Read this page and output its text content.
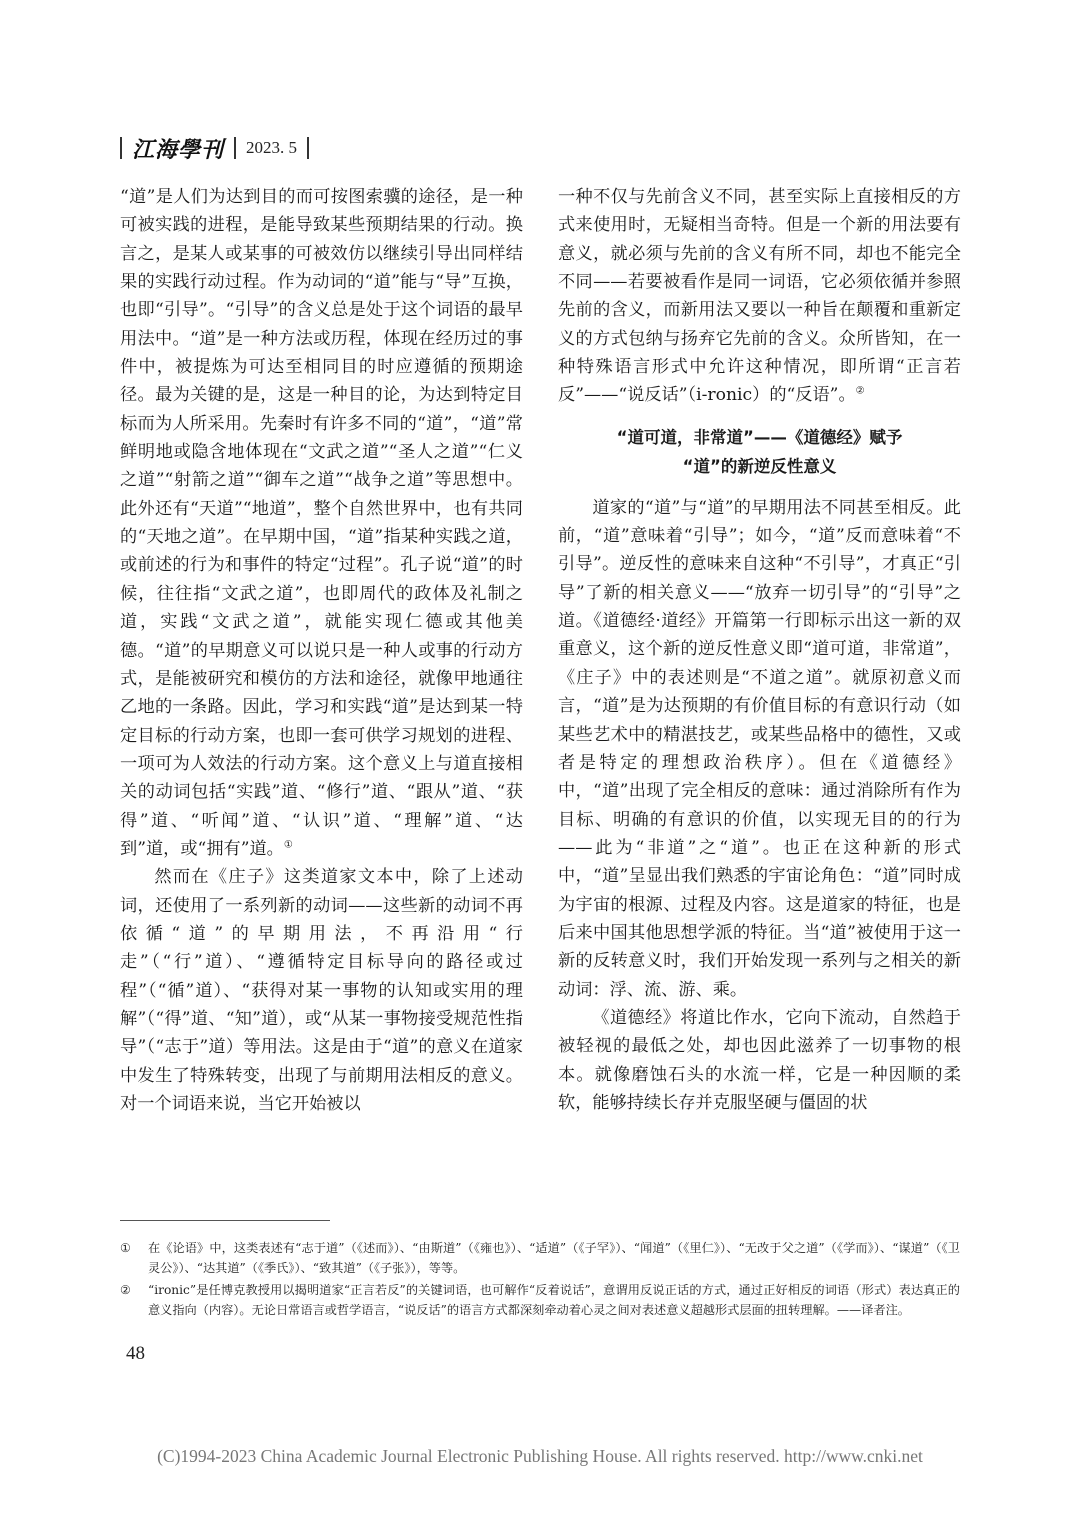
江海學刊 2023. 5

“道”是人们为达到目的而可按图索骥的途径，是一种可被实践的进程，是能导致某些预期结果的行动。换言之，是某人或某事的可被效仿以继续引导出同样结果的实践行动过程。作为动词的“道”能与“导”互换，也即“引导”。“引导”的含义总是处于这个词语的最早用法中。“道”是一种方法或历程，体现在经历过的事件中，被提炼为可达至相同目的时应遵循的预期途径。最为关键的是，这是一种目的论，为达到特定目标而为人所采用。先秦时有许多不同的“道”，“道”常鲜明地或隐含地体现在“文武之道”“圣人之道”“仁义之道”“射箭之道”“御车之道”“战争之道”等思想中。此外还有“天道”“地道”，整个自然世界中，也有共同的“天地之道”。在早期中国，“道”指某种实践之道，或前述的行为和事件的特定“过程”。孔子说“道”的时候，往往指“文武之道”，也即周代的政体及礼制之道，实践“文武之道”，就能实现仁德或其他美德。“道”的早期意义可以说只是一种人或事的行动方式，是能被研究和模仿的方法和途径，就像甲地通往乙地的一条路。因此，学习和实践“道”是达到某一特定目标的行动方案，也即一套可供学习规划的进程、一项可为人效法的行动方案。这个意义上与道直接相关的动词包括“实践”道、“修行”道、“跟从”道、“获得”道、“听闻”道、“认识”道、“理解”道、“达到”道，或“拥有”道。①

然而在《庄子》这类道家文本中，除了上述动词，还使用了一系列新的动词——这些新的动词不再依循“道”的早期用法，不再沿用“行走”（“行”道）、“遵循特定目标导向的路径或过程”（“循”道）、“获得对某一事物的认知或实用的理解”（“得”道、“知”道），或“从某一事物接受规范性指导”（“志于”道）等用法。这是由于“道”的意义在道家中发生了特殊转变，出现了与前期用法相反的意义。对一个词语来说，当它开始被以

一种不仅与先前含义不同，甚至实际上直接相反的方式来使用时，无疑相当奇特。但是一个新的用法要有意义，就必须与先前的含义有所不同，却也不能完全不同——若要被看作是同一词语，它必须依循并参照先前的含义，而新用法又要以一种旨在颠覆和重新定义的方式包纳与扬弃它先前的含义。众所皆知，在一种特殊语言形式中允许这种情况，即所谓“正言若反”——“说反话”（i-ronic）的“反语”。②

“道可道，非常道”——《道德经》赋予
“道”的新逆反性意义

道家的“道”与“道”的早期用法不同甚至相反。此前，“道”意味着“引导”；如今，“道”反而意味着“不引导”。逆反性的意味来自这种“不引导”，才真正“引导”了新的相关意义——“放弃一切引导”的“引导”之道。《道德经·道经》开篇第一行即标示出这一新的双重意义，这个新的逆反性意义即“道可道，非常道”，《庄子》中的表述则是“不道之道”。就原初意义而言，“道”是为达预期的有价值目标的有意识行动（如某些艺术中的精湛技艺，或某些品格中的德性，又或者是特定的理想政治秩序）。但在《道德经》中，“道”出现了完全相反的意味：通过消除所有作为目标、明确的有意识的价值，以实现无目的的行为——此为“非道”之“道”。也正在这种新的形式中，“道”呈显出我们熟悉的宇宙论角色：“道”同时成为宇宙的根源、过程及内容。这是道家的特征，也是后来中国其他思想学派的特征。当“道”被使用于这一新的反转意义时，我们开始发现一系列与之相关的新动词：浮、流、游、乘。

《道德经》将道比作水，它向下流动，自然趋于被轻视的最低之处，却也因此滋养了一切事物的根本。就像磨蚀石头的水流一样，它是一种因顺的柔软，能够持续长存并克服坚硬与僵固的状

①	在《论语》中，这类表述有“志于道”（《述而》）、“由斯道”（《雍也》）、“适道”（《子罕》）、“闻道”（《里仁》）、“无改于父之道”（《学而》）、“谋道”（《卫灵公》）、“达其道”（《季氏》）、“致其道”（《子张》），等等。
②	“ironic”是任博克教授用以揭明道家“正言若反”的关键词语，也可解作“反着说话”，意谓用反说正话的方式，通过正好相反的词语（形式）表达真正的意义指向（内容）。无论日常语言或哲学语言，“说反话”的语言方式都深刻牵动着心灵之间对表述意义超越形式层面的扭转理解。——译者注。
48
(C)1994-2023 China Academic Journal Electronic Publishing House. All rights reserved. http://www.cnki.net
